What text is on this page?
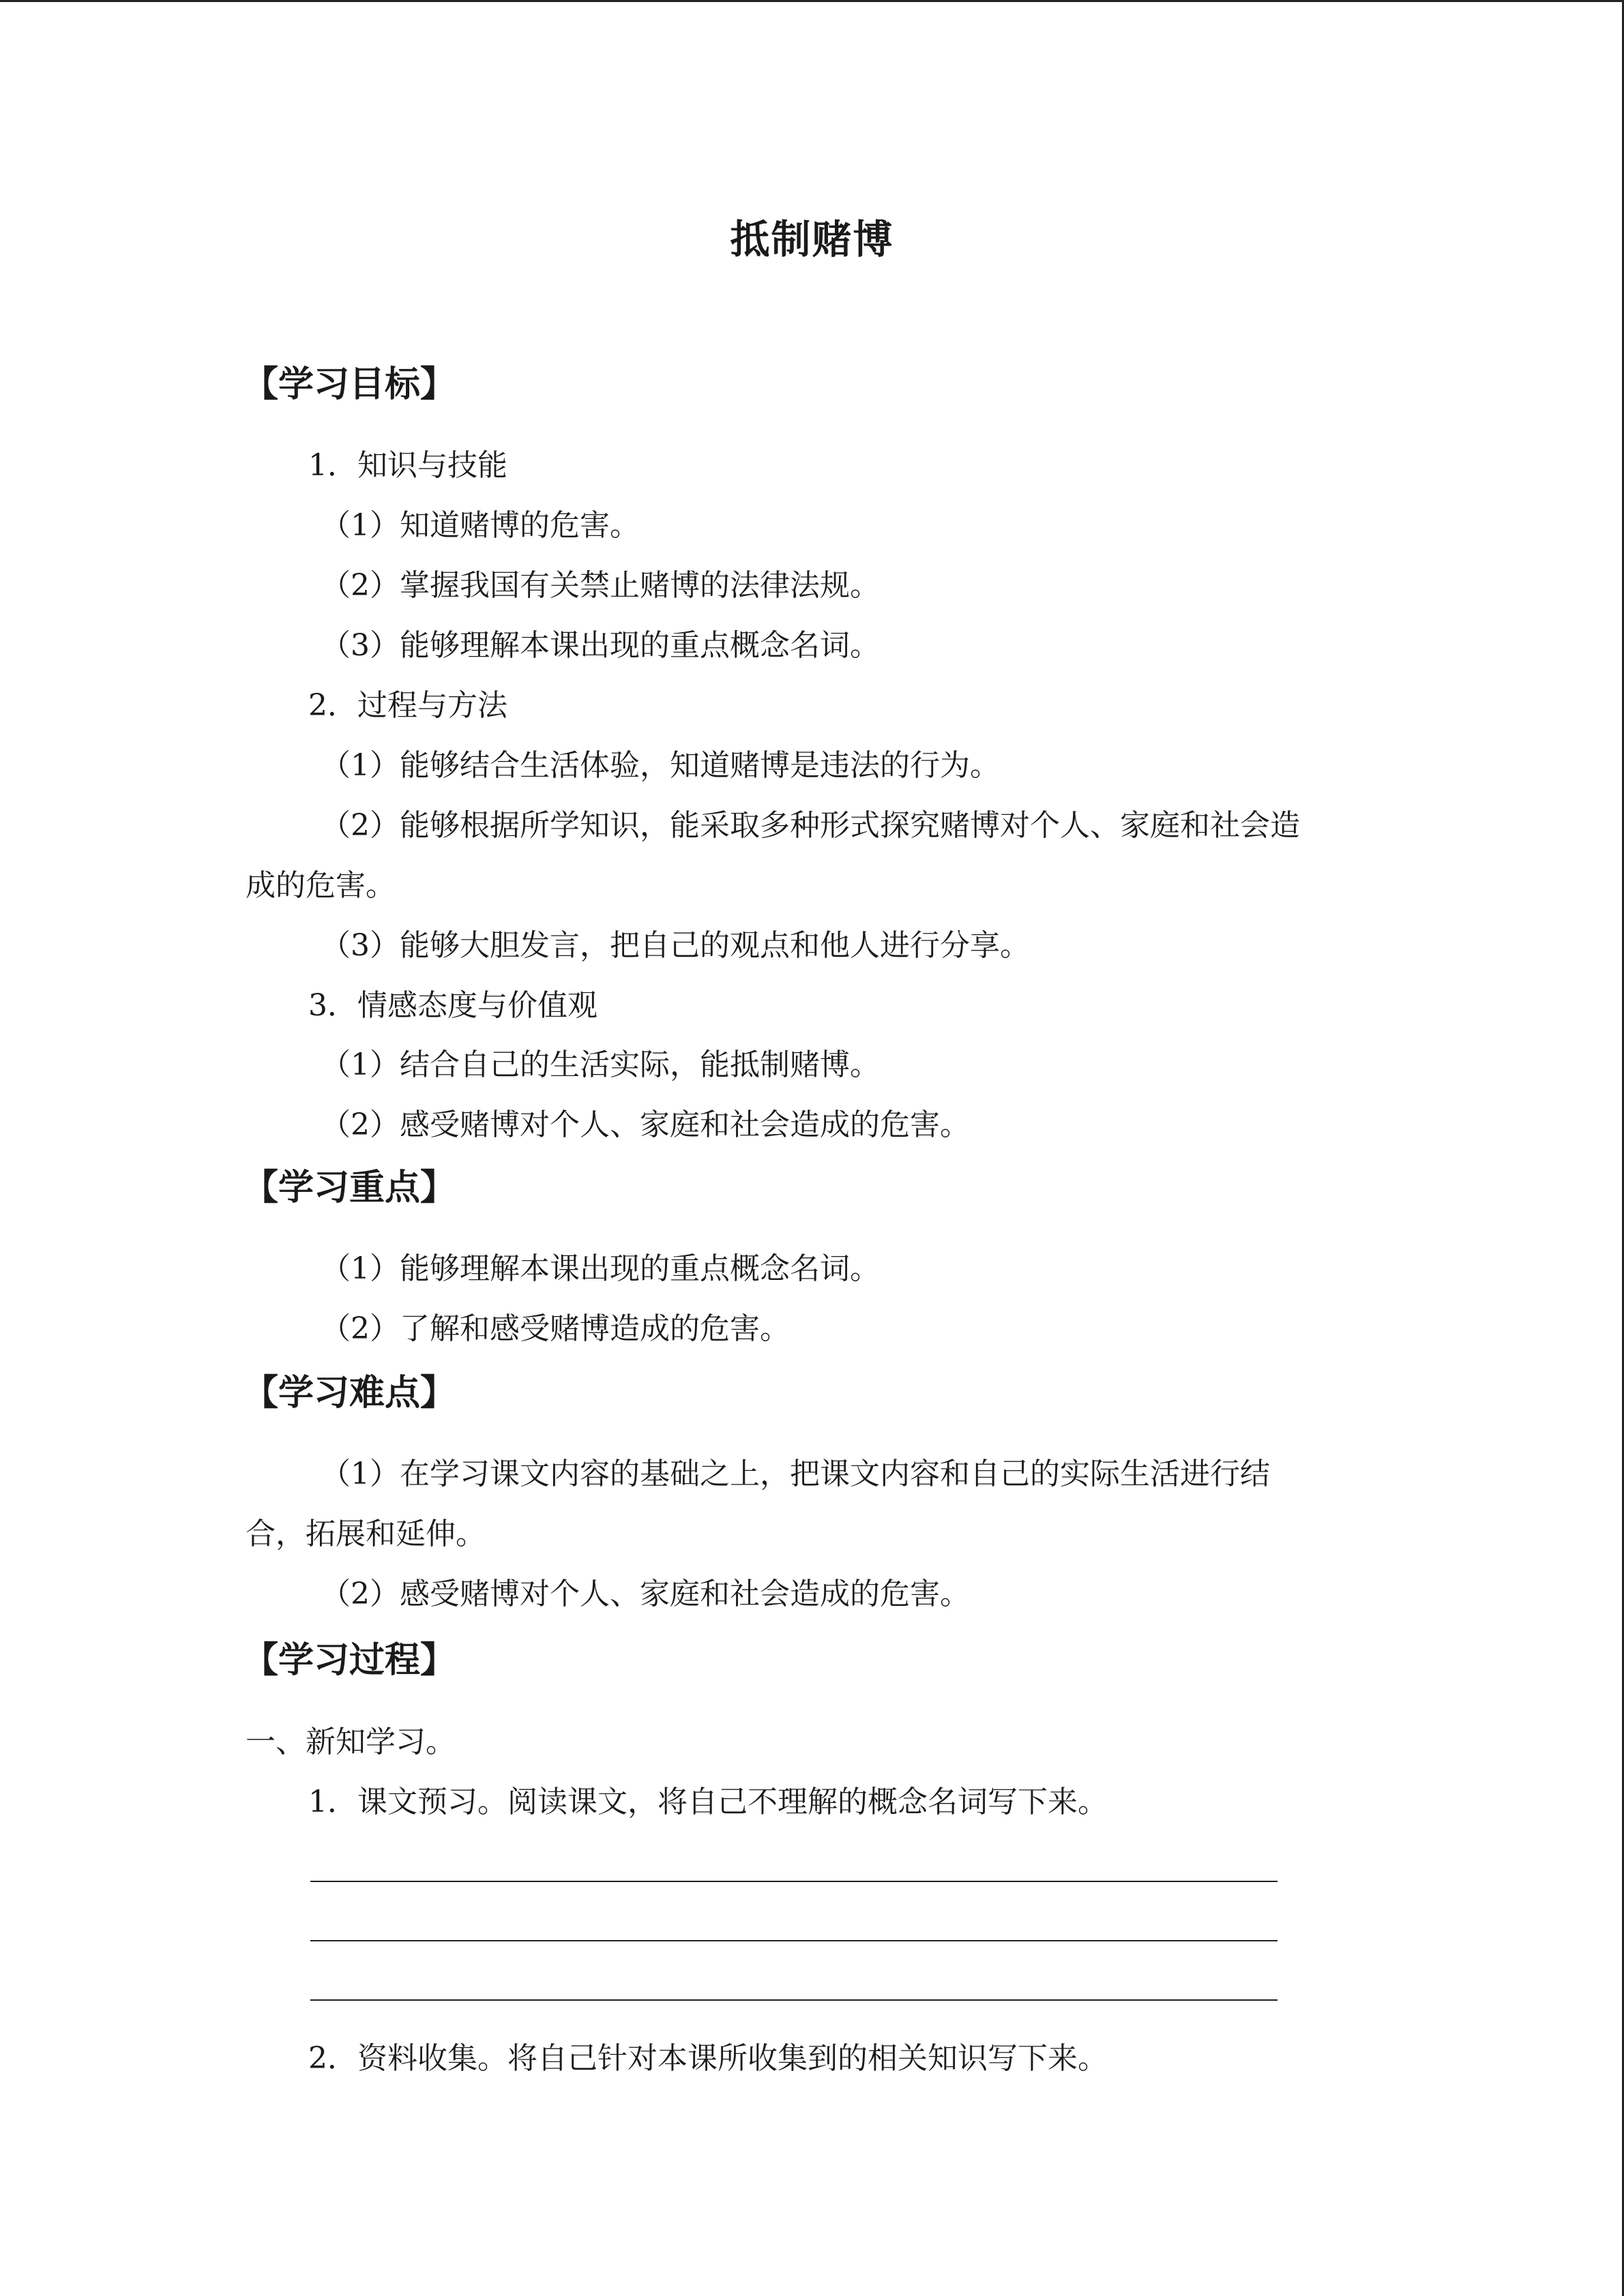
抵制赌博
【学习目标】
1．知识与技能
（1）知道赌博的危害。
（2）掌握我国有关禁止赌博的法律法规。
（3）能够理解本课出现的重点概念名词。
2．过程与方法
（1）能够结合生活体验，知道赌博是违法的行为。
（2）能够根据所学知识，能采取多种形式探究赌博对个人、家庭和社会造
成的危害。
（3）能够大胆发言，把自己的观点和他人进行分享。
3．情感态度与价值观
（1）结合自己的生活实际，能抵制赌博。
（2）感受赌博对个人、家庭和社会造成的危害。
【学习重点】
（1）能够理解本课出现的重点概念名词。
（2）了解和感受赌博造成的危害。
【学习难点】
（1）在学习课文内容的基础之上，把课文内容和自己的实际生活进行结
合，拓展和延伸。
（2）感受赌博对个人、家庭和社会造成的危害。
【学习过程】
一、新知学习。
1．课文预习。阅读课文，将自己不理解的概念名词写下来。
2．资料收集。将自己针对本课所收集到的相关知识写下来。
